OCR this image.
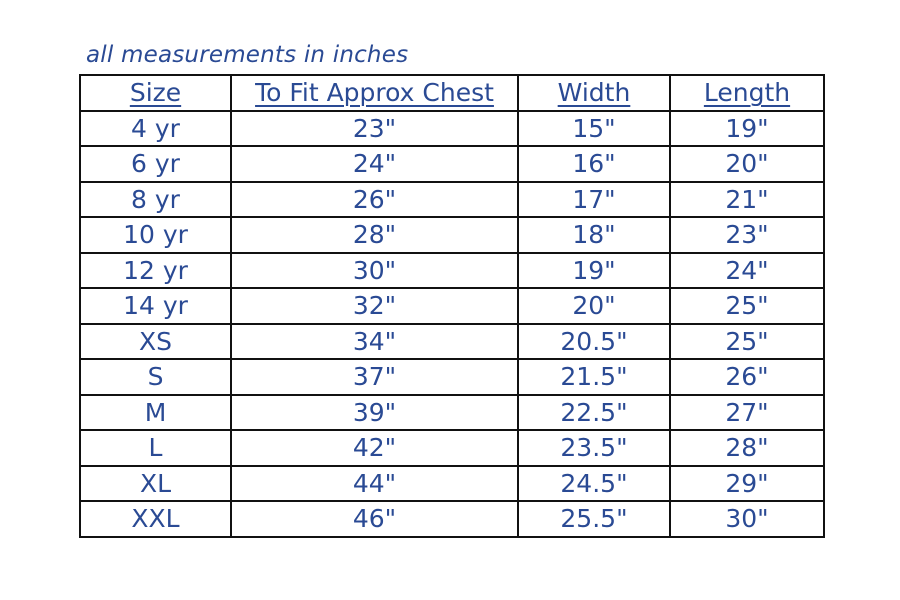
all measurements in inches
Size	To Fit Approx Chest	Width	Length
4 yr	23"	15"	19"
6 yr	24"	16"	20"
8 yr	26"	17"	21"
10 yr	28"	18"	23"
12 yr	30"	19"	24"
14 yr	32"	20"	25"
XS	34"	20.5"	25"
S	37"	21.5"	26"
M	39"	22.5"	27"
L	42"	23.5"	28"
XL	44"	24.5"	29"
XXL	46"	25.5"	30"
